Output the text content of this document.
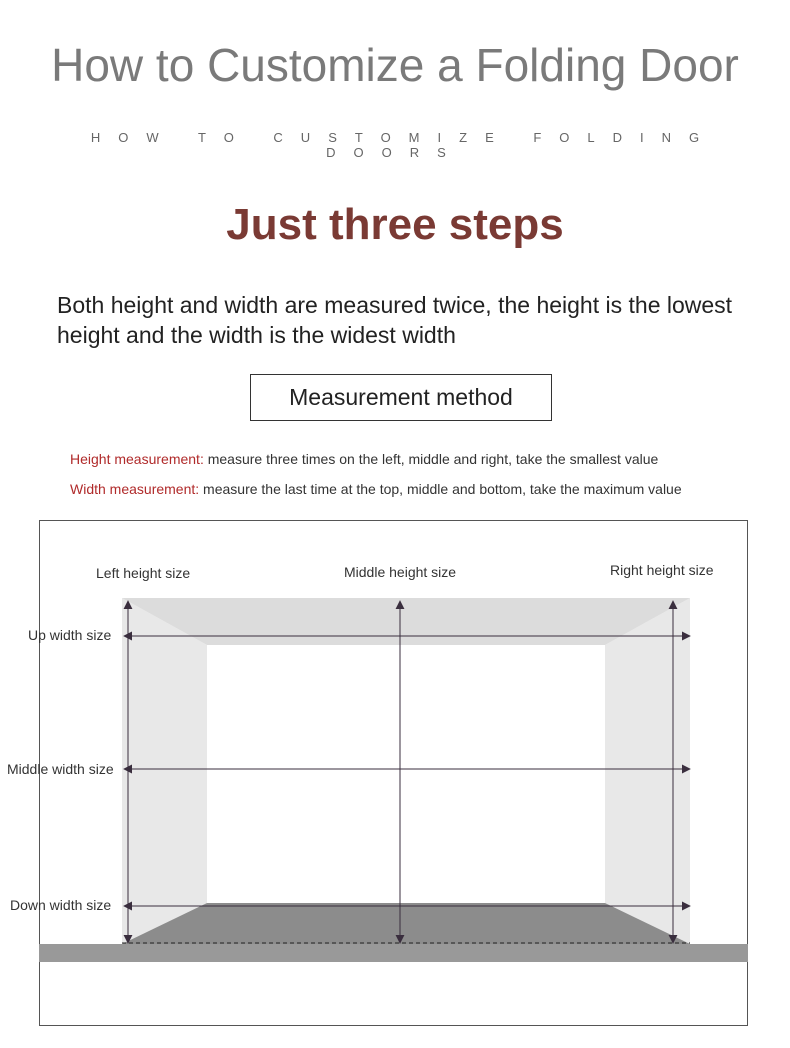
How to Customize a Folding Door
HOW TO CUSTOMIZE FOLDING DOORS
Just three steps
Both height and width are measured twice, the height is the lowest height and the width is the widest width
Measurement method
Height measurement: measure three times on the left, middle and right, take the smallest value
Width measurement: measure the last time at the top, middle and bottom, take the maximum value
Left height size	Middle height size	Right height size
Up width size
Middle width size
Down width size
